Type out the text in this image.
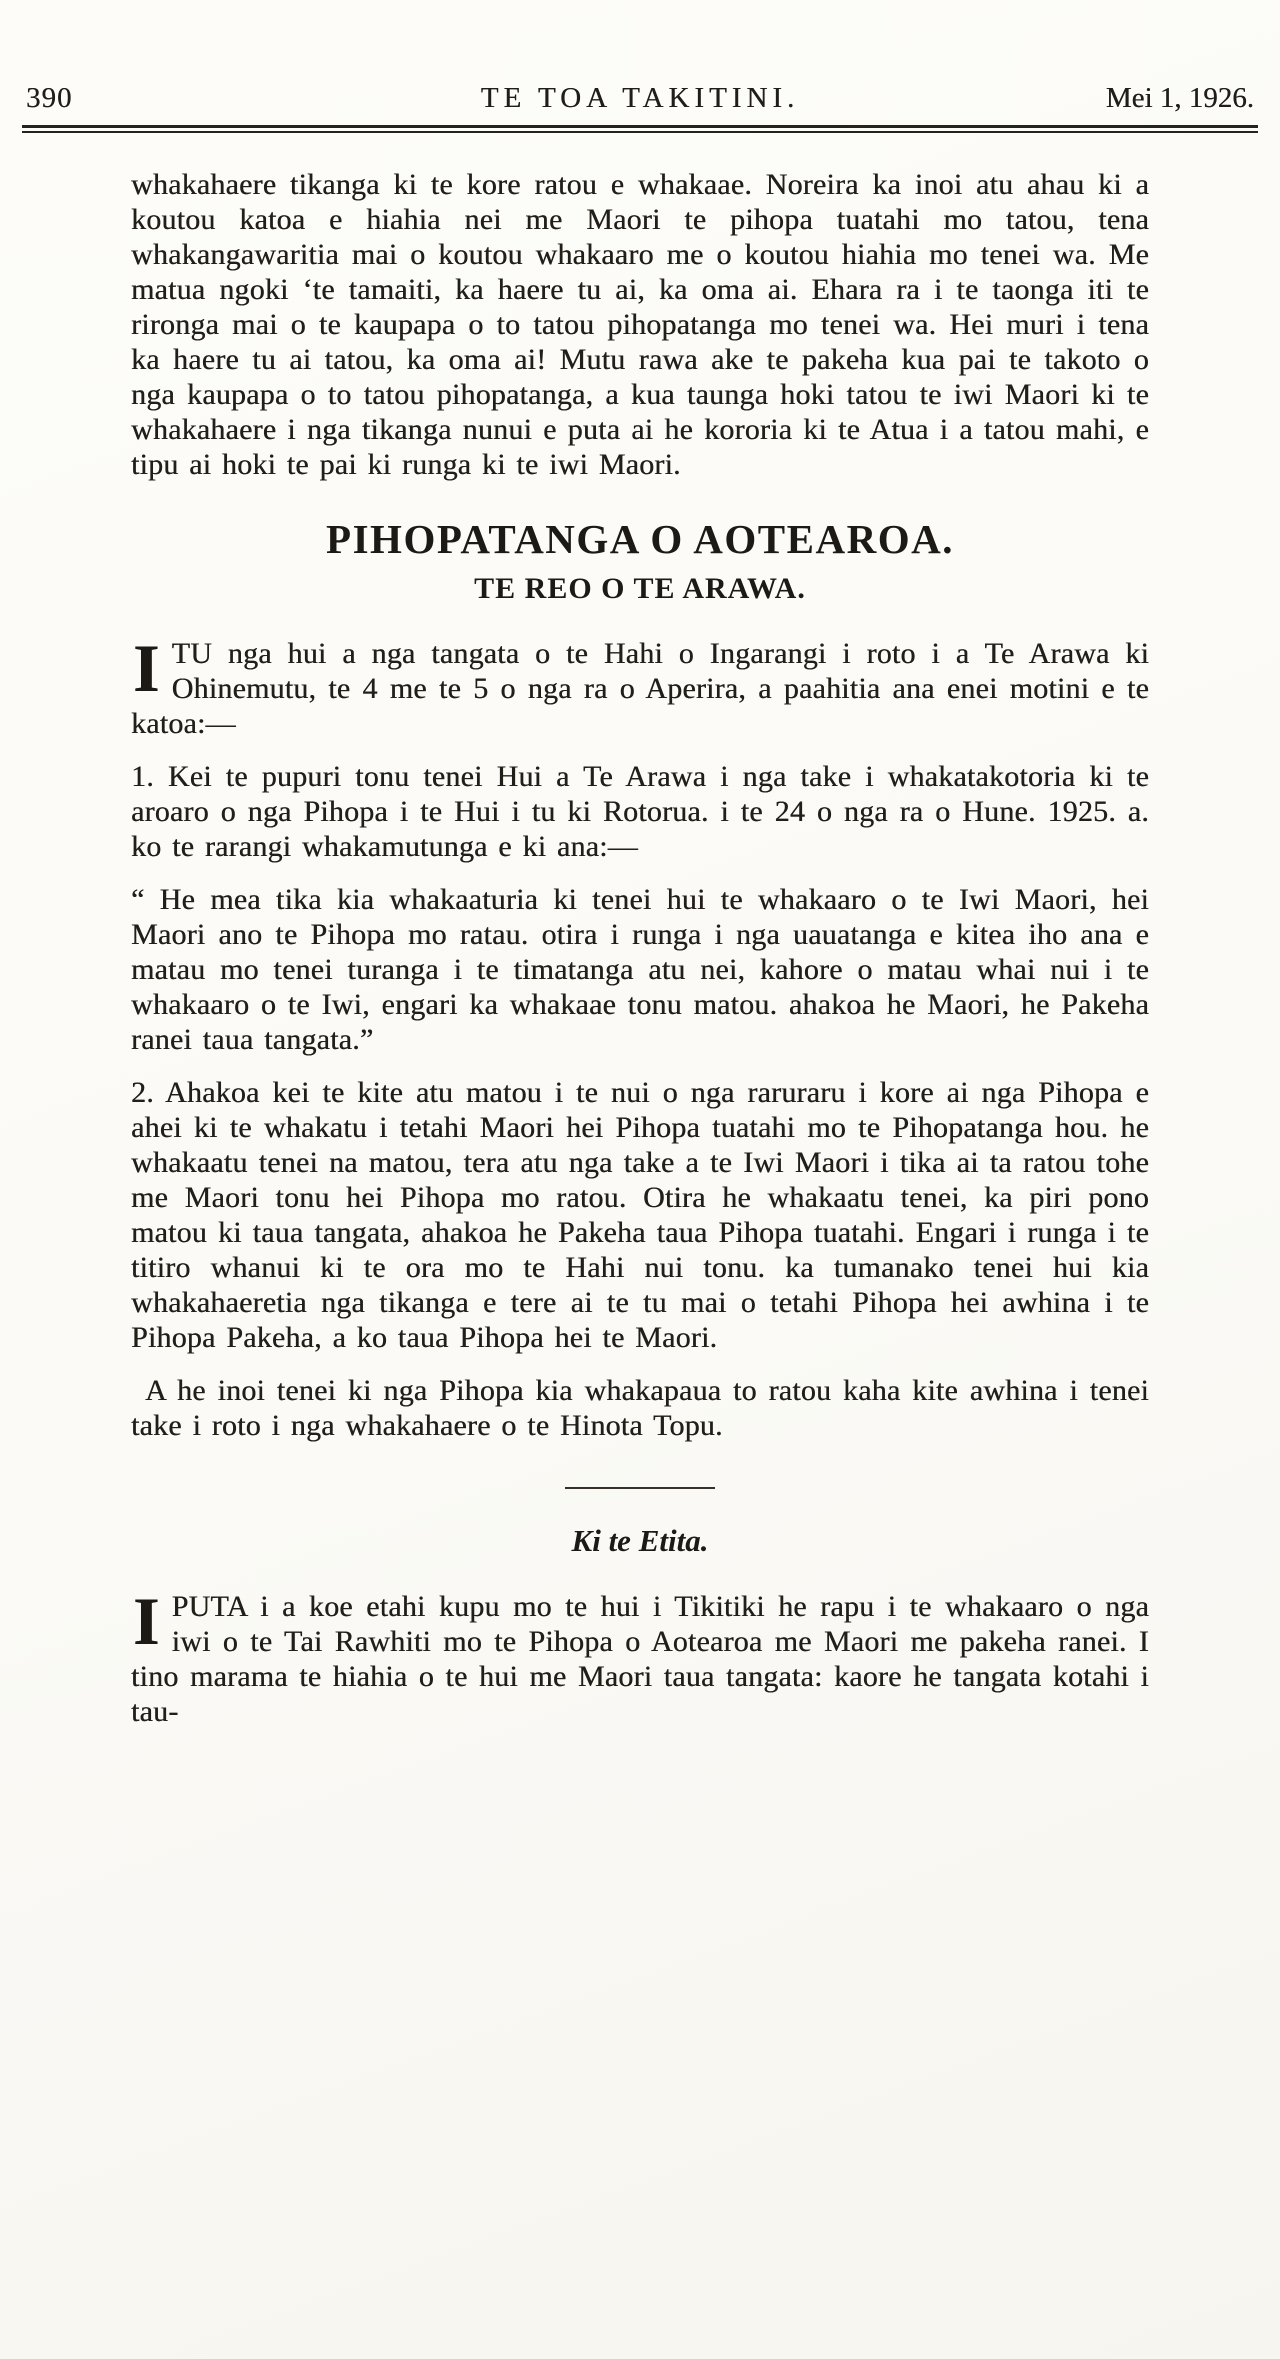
390	TE TOA TAKITINI.	Mei 1, 1926.

whakahaere tikanga ki te kore ratou e whakaae. Noreira ka inoi atu ahau ki a koutou katoa e hiahia nei me Maori te pihopa tuatahi mo tatou, tena whakangawaritia mai o koutou whakaaro me o koutou hiahia mo tenei wa. Me matua ngoki ‘te tamaiti, ka haere tu ai, ka oma ai. Ehara ra i te taonga iti te rironga mai o te kaupapa o to tatou pihopatanga mo tenei wa. Hei muri i tena ka haere tu ai tatou, ka oma ai! Mutu rawa ake te pakeha kua pai te takoto o nga kaupapa o to tatou pihopatanga, a kua taunga hoki tatou te iwi Maori ki te whakahaere i nga tikanga nunui e puta ai he kororia ki te Atua i a tatou mahi, e tipu ai hoki te pai ki runga ki te iwi Maori.

PIHOPATANGA O AOTEAROA.
TE REO O TE ARAWA.

ITU nga hui a nga tangata o te Hahi o Ingarangi i roto i a Te Arawa ki Ohinemutu, te 4 me te 5 o nga ra o Aperira, a paahitia ana enei motini e te katoa:—

1. Kei te pupuri tonu tenei Hui a Te Arawa i nga take i whakatakotoria ki te aroaro o nga Pihopa i te Hui i tu ki Rotorua. i te 24 o nga ra o Hune. 1925. a. ko te rarangi whakamutunga e ki ana:—

“ He mea tika kia whakaaturia ki tenei hui te whakaaro o te Iwi Maori, hei Maori ano te Pihopa mo ratau. otira i runga i nga uauatanga e kitea iho ana e matau mo tenei turanga i te timatanga atu nei, kahore o matau whai nui i te whakaaro o te Iwi, engari ka whakaae tonu matou. ahakoa he Maori, he Pakeha ranei taua tangata.”

2. Ahakoa kei te kite atu matou i te nui o nga raruraru i kore ai nga Pihopa e ahei ki te whakatu i tetahi Maori hei Pihopa tuatahi mo te Pihopatanga hou. he whakaatu tenei na matou, tera atu nga take a te Iwi Maori i tika ai ta ratou tohe me Maori tonu hei Pihopa mo ratou. Otira he whakaatu tenei, ka piri pono matou ki taua tangata, ahakoa he Pakeha taua Pihopa tuatahi. Engari i runga i te titiro whanui ki te ora mo te Hahi nui tonu. ka tumanako tenei hui kia whakahaeretia nga tikanga e tere ai te tu mai o tetahi Pihopa hei awhina i te Pihopa Pakeha, a ko taua Pihopa hei te Maori.

A he inoi tenei ki nga Pihopa kia whakapaua to ratou kaha kite awhina i tenei take i roto i nga whakahaere o te Hinota Topu.

Ki te Etita.

IPUTA i a koe etahi kupu mo te hui i Tikitiki he rapu i te whakaaro o nga iwi o te Tai Rawhiti mo te Pihopa o Aotearoa me Maori me pakeha ranei. I tino marama te hiahia o te hui me Maori taua tangata: kaore he tangata kotahi i tau-
